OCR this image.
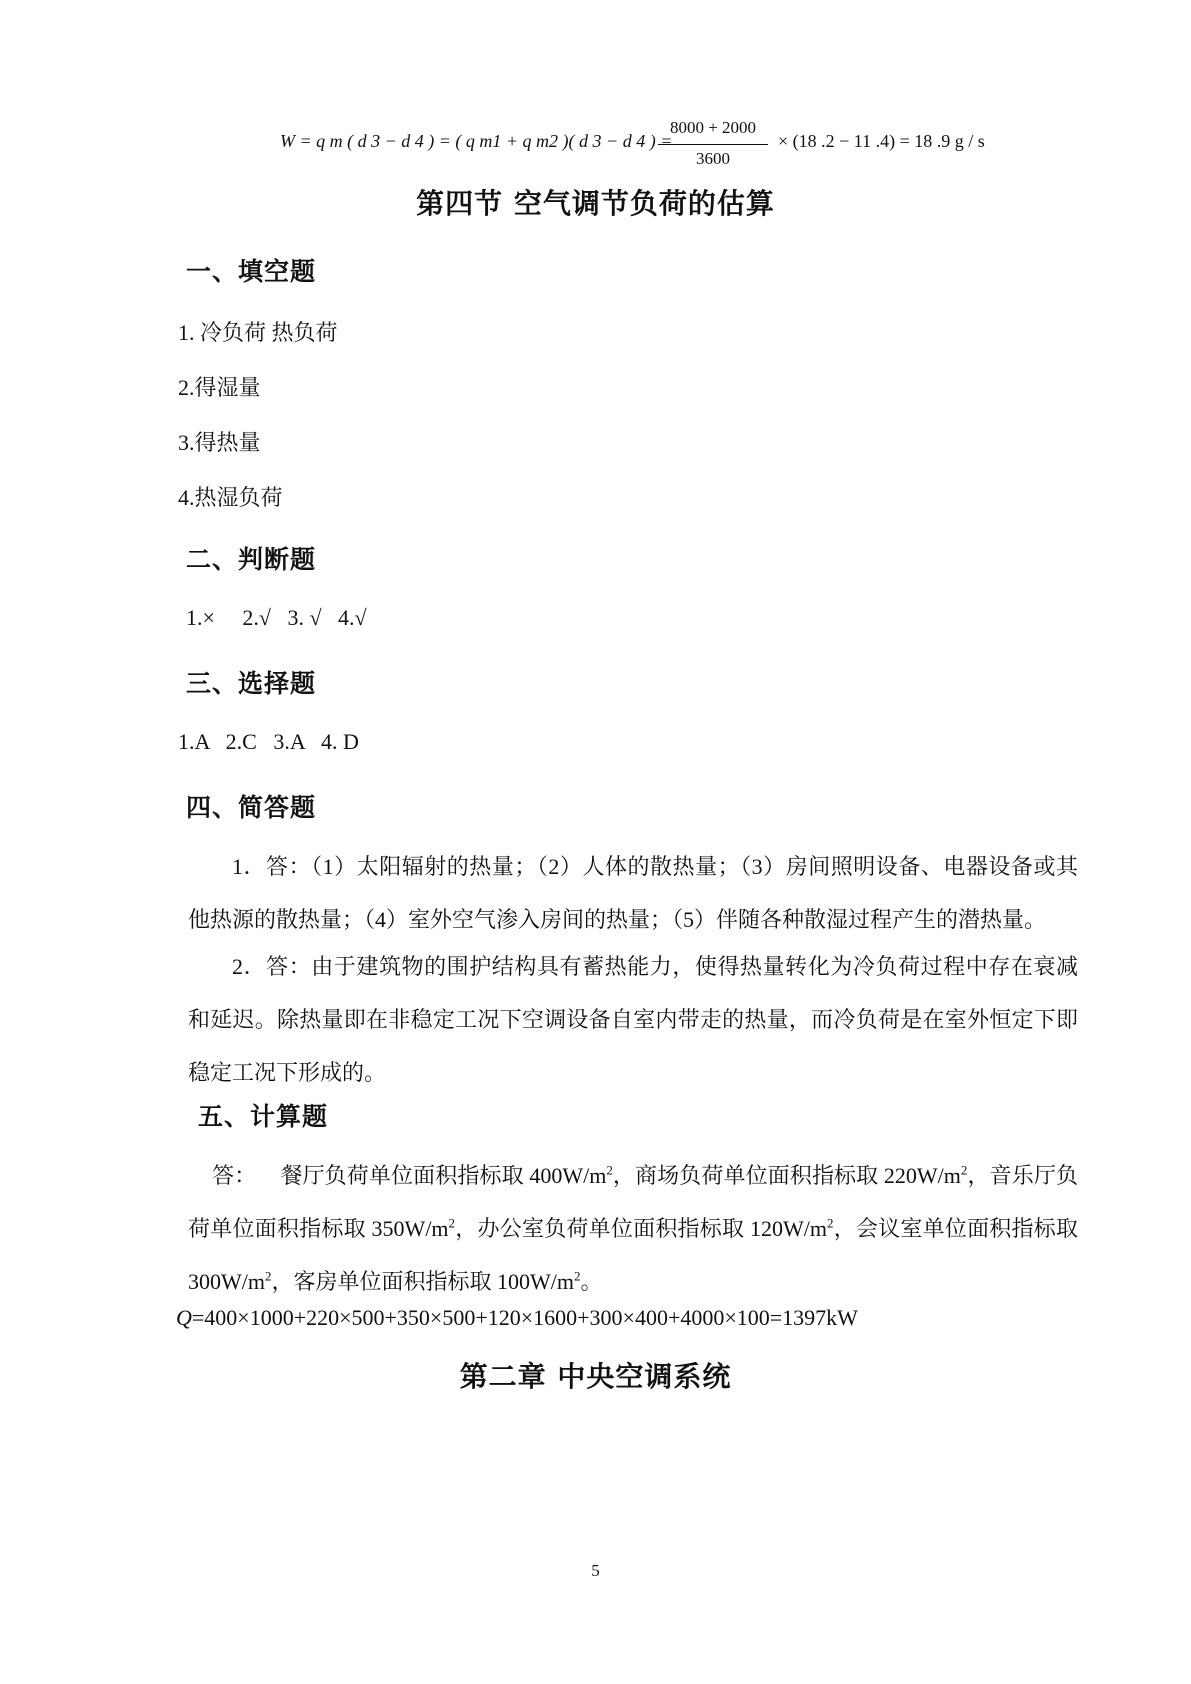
W = q m ( d 3 − d 4 ) = ( q m1 + q m2 )( d 3 − d 4 ) =
8000 + 2000
3600
× (18 .2 − 11 .4) = 18 .9 g / s
第四节 空气调节负荷的估算
一、填空题
1. 冷负荷 热负荷
2.得湿量
3.得热量
4.热湿负荷
二、判断题
1.×     2.√   3. √   4.√
三、选择题
1.A   2.C   3.A   4. D
四、简答题
1．答：（1）太阳辐射的热量；（2）人体的散热量；（3）房间照明设备、电器设备或其他热源的散热量；（4）室外空气渗入房间的热量；（5）伴随各种散湿过程产生的潜热量。
2．答：由于建筑物的围护结构具有蓄热能力，使得热量转化为冷负荷过程中存在衰减和延迟。除热量即在非稳定工况下空调设备自室内带走的热量，而冷负荷是在室外恒定下即稳定工况下形成的。
五、计算题
答： 餐厅负荷单位面积指标取 $400W/m^2$，商场负荷单位面积指标取 $220W/m^2$，音乐厅负荷单位面积指标取 $350W/m^2$，办公室负荷单位面积指标取 $120W/m^2$，会议室单位面积指标取 $300W/m^2$，客房单位面积指标取 $100W/m^2$。
Q=400×1000+220×500+350×500+120×1600+300×400+4000×100=1397kW
第二章 中央空调系统
5
